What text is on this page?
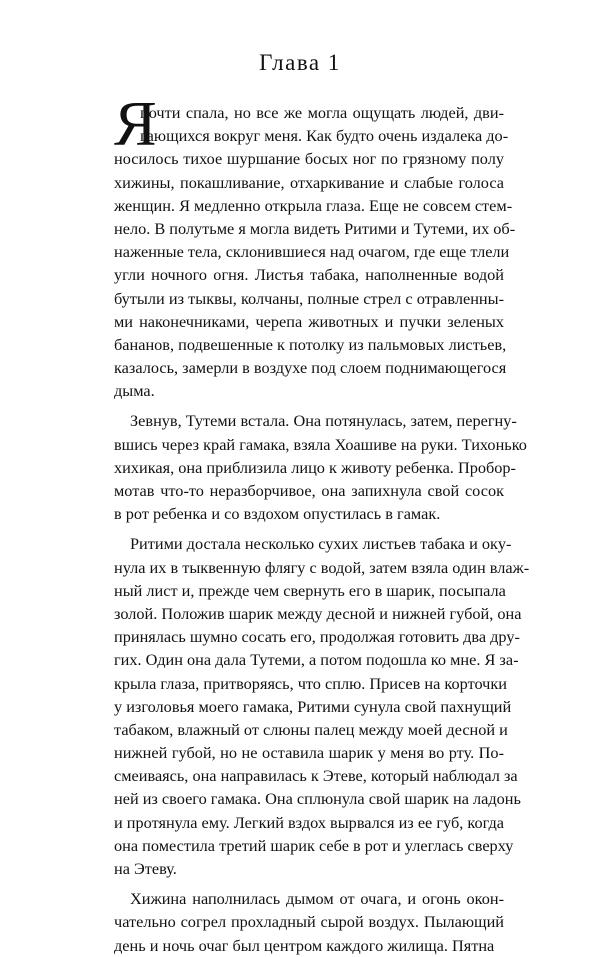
Глава 1
Я
почти спала, но все же могла ощущать людей, дви-
гающихся вокруг меня. Как будто очень издалека до-
носилось тихое шуршание босых ног по грязному полу
хижины, покашливание, отхаркивание и слабые голоса
женщин. Я медленно открыла глаза. Еще не совсем стем-
нело. В полутьме я могла видеть Ритими и Тутеми, их об-
наженные тела, склонившиеся над очагом, где еще тлели
угли ночного огня. Листья табака, наполненные водой
бутыли из тыквы, колчаны, полные стрел с отравленны-
ми наконечниками, черепа животных и пучки зеленых
бананов, подвешенные к потолку из пальмовых листьев,
казалось, замерли в воздухе под слоем поднимающегося
дыма.
Зевнув, Тутеми встала. Она потянулась, затем, перегну-
вшись через край гамака, взяла Хоашиве на руки. Тихонько
хихикая, она приблизила лицо к животу ребенка. Пробор-
мотав что-то неразборчивое, она запихнула свой сосок
в рот ребенка и со вздохом опустилась в гамак.
Ритими достала несколько сухих листьев табака и окy-
нула их в тыквенную флягу с водой, затем взяла один влаж-
ный лист и, прежде чем свернуть его в шарик, посыпала
золой. Положив шарик между десной и нижней губой, она
принялась шумно сосать его, продолжая готовить два дру-
гих. Один она дала Тутеми, а потом подошла ко мне. Я за-
крыла глаза, притворяясь, что сплю. Присев на корточки
у изголовья моего гамака, Ритими сунула свой пахнущий
табаком, влажный от слюны палец между моей десной и
нижней губой, но не оставила шарик у меня во рту. По-
смеиваясь, она направилась к Этеве, который наблюдал за
ней из своего гамака. Она сплюнула свой шарик на ладонь
и протянула ему. Легкий вздох вырвался из ее губ, когда
она поместила третий шарик себе в рот и улеглась сверху
на Этеву.
Хижина наполнилась дымом от очага, и огонь окон-
чательно согрел прохладный сырой воздух. Пылающий
день и ночь очаг был центром каждого жилища. Пятна
